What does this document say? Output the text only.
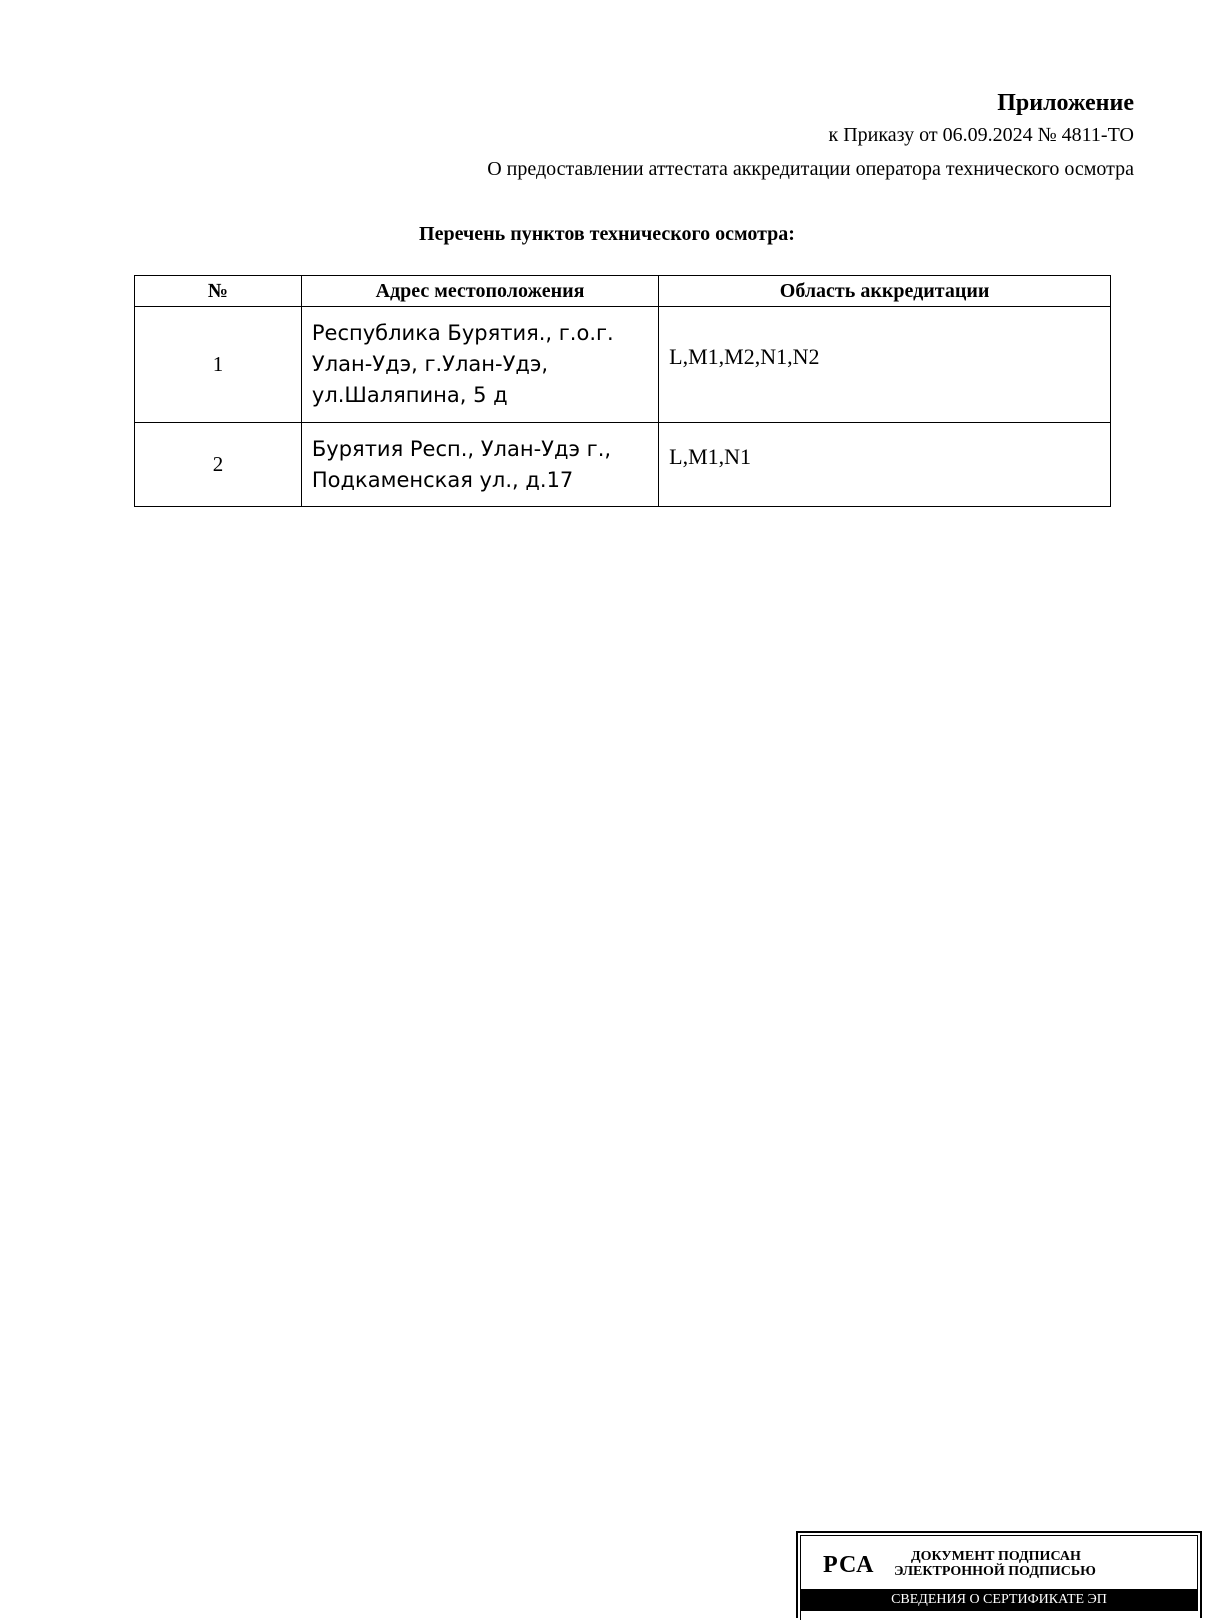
Приложение
к Приказу от 06.09.2024 № 4811-ТО
О предоставлении аттестата аккредитации оператора технического осмотра
Перечень пунктов технического осмотра:
№	Адрес местоположения	Область аккредитации
1	Республика Бурятия., г.о.г.
Улан-Удэ, г.Улан-Удэ,
ул.Шаляпина, 5 д	L,M1,M2,N1,N2

2	Бурятия Респ., Улан-Удэ г.,
Подкаменская ул., д.17	L,M1,N1
РСА	ДОКУМЕНТ ПОДПИСАН
ЭЛЕКТРОННОЙ ПОДПИСЬЮ
СВЕДЕНИЯ О СЕРТИФИКАТЕ ЭП
